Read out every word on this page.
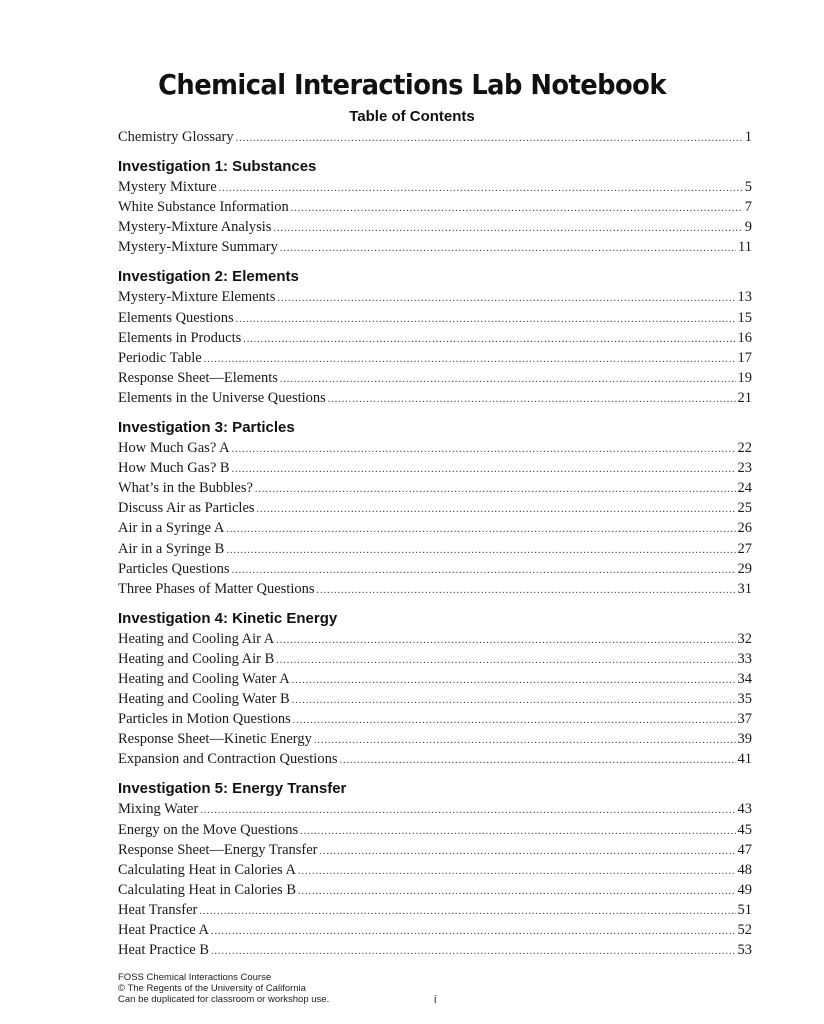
Chemical Interactions Lab Notebook
Table of Contents
Chemistry Glossary .....	1
Investigation 1: Substances
Mystery Mixture .....	5
White Substance Information .....	7
Mystery-Mixture Analysis .....	9
Mystery-Mixture Summary .....	11
Investigation 2: Elements
Mystery-Mixture Elements .....	13
Elements Questions .....	15
Elements in Products .....	16
Periodic Table .....	17
Response Sheet—Elements .....	19
Elements in the Universe Questions .....	21
Investigation 3: Particles
How Much Gas? A .....	22
How Much Gas? B .....	23
What’s in the Bubbles? .....	24
Discuss Air as Particles .....	25
Air in a Syringe A .....	26
Air in a Syringe B .....	27
Particles Questions .....	29
Three Phases of Matter Questions .....	31
Investigation 4: Kinetic Energy
Heating and Cooling Air A .....	32
Heating and Cooling Air B .....	33
Heating and Cooling Water A .....	34
Heating and Cooling Water B .....	35
Particles in Motion Questions .....	37
Response Sheet—Kinetic Energy .....	39
Expansion and Contraction Questions .....	41
Investigation 5: Energy Transfer
Mixing Water .....	43
Energy on the Move Questions .....	45
Response Sheet—Energy Transfer .....	47
Calculating Heat in Calories A .....	48
Calculating Heat in Calories B .....	49
Heat Transfer .....	51
Heat Practice A .....	52
Heat Practice B .....	53
FOSS Chemical Interactions Course
© The Regents of the University of California
Can be duplicated for classroom or workshop use.	i
